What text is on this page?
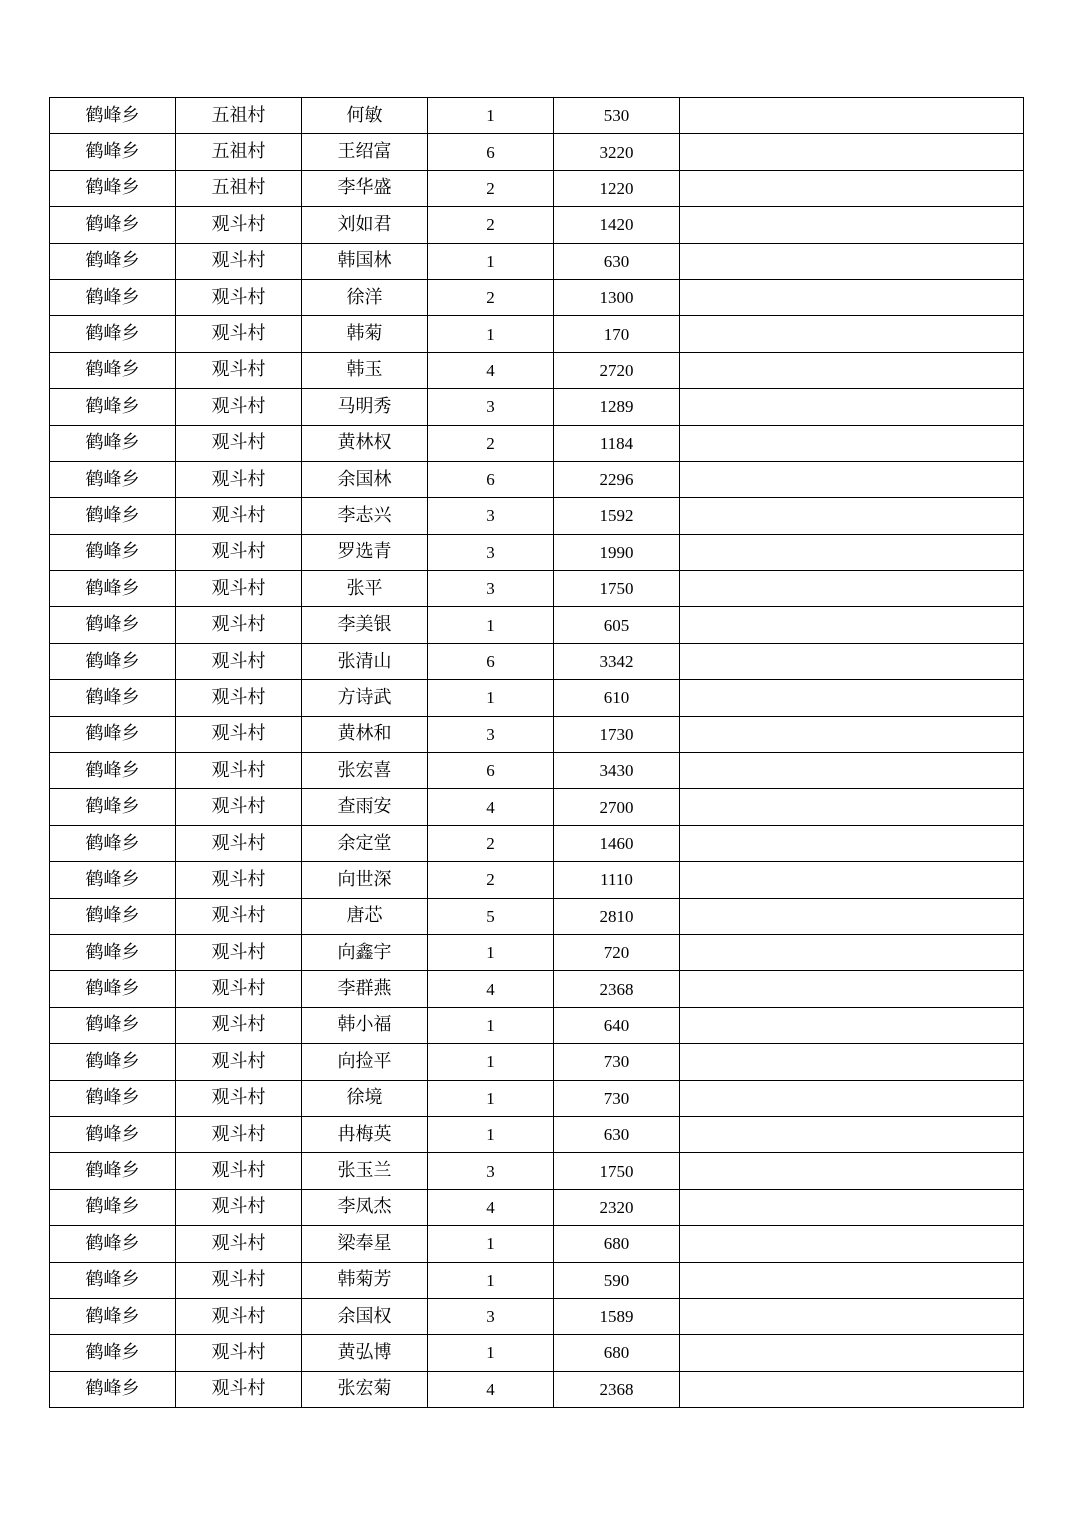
鹤峰乡	五祖村	何敏	1	530	
鹤峰乡	五祖村	王绍富	6	3220	
鹤峰乡	五祖村	李华盛	2	1220	
鹤峰乡	观斗村	刘如君	2	1420	
鹤峰乡	观斗村	韩国林	1	630	
鹤峰乡	观斗村	徐洋	2	1300	
鹤峰乡	观斗村	韩菊	1	170	
鹤峰乡	观斗村	韩玉	4	2720	
鹤峰乡	观斗村	马明秀	3	1289	
鹤峰乡	观斗村	黄林权	2	1184	
鹤峰乡	观斗村	余国林	6	2296	
鹤峰乡	观斗村	李志兴	3	1592	
鹤峰乡	观斗村	罗选青	3	1990	
鹤峰乡	观斗村	张平	3	1750	
鹤峰乡	观斗村	李美银	1	605	
鹤峰乡	观斗村	张清山	6	3342	
鹤峰乡	观斗村	方诗武	1	610	
鹤峰乡	观斗村	黄林和	3	1730	
鹤峰乡	观斗村	张宏喜	6	3430	
鹤峰乡	观斗村	查雨安	4	2700	
鹤峰乡	观斗村	余定堂	2	1460	
鹤峰乡	观斗村	向世深	2	1110	
鹤峰乡	观斗村	唐芯	5	2810	
鹤峰乡	观斗村	向鑫宇	1	720	
鹤峰乡	观斗村	李群燕	4	2368	
鹤峰乡	观斗村	韩小福	1	640	
鹤峰乡	观斗村	向捡平	1	730	
鹤峰乡	观斗村	徐境	1	730	
鹤峰乡	观斗村	冉梅英	1	630	
鹤峰乡	观斗村	张玉兰	3	1750	
鹤峰乡	观斗村	李凤杰	4	2320	
鹤峰乡	观斗村	梁奉星	1	680	
鹤峰乡	观斗村	韩菊芳	1	590	
鹤峰乡	观斗村	余国权	3	1589	
鹤峰乡	观斗村	黄弘博	1	680	
鹤峰乡	观斗村	张宏菊	4	2368	
